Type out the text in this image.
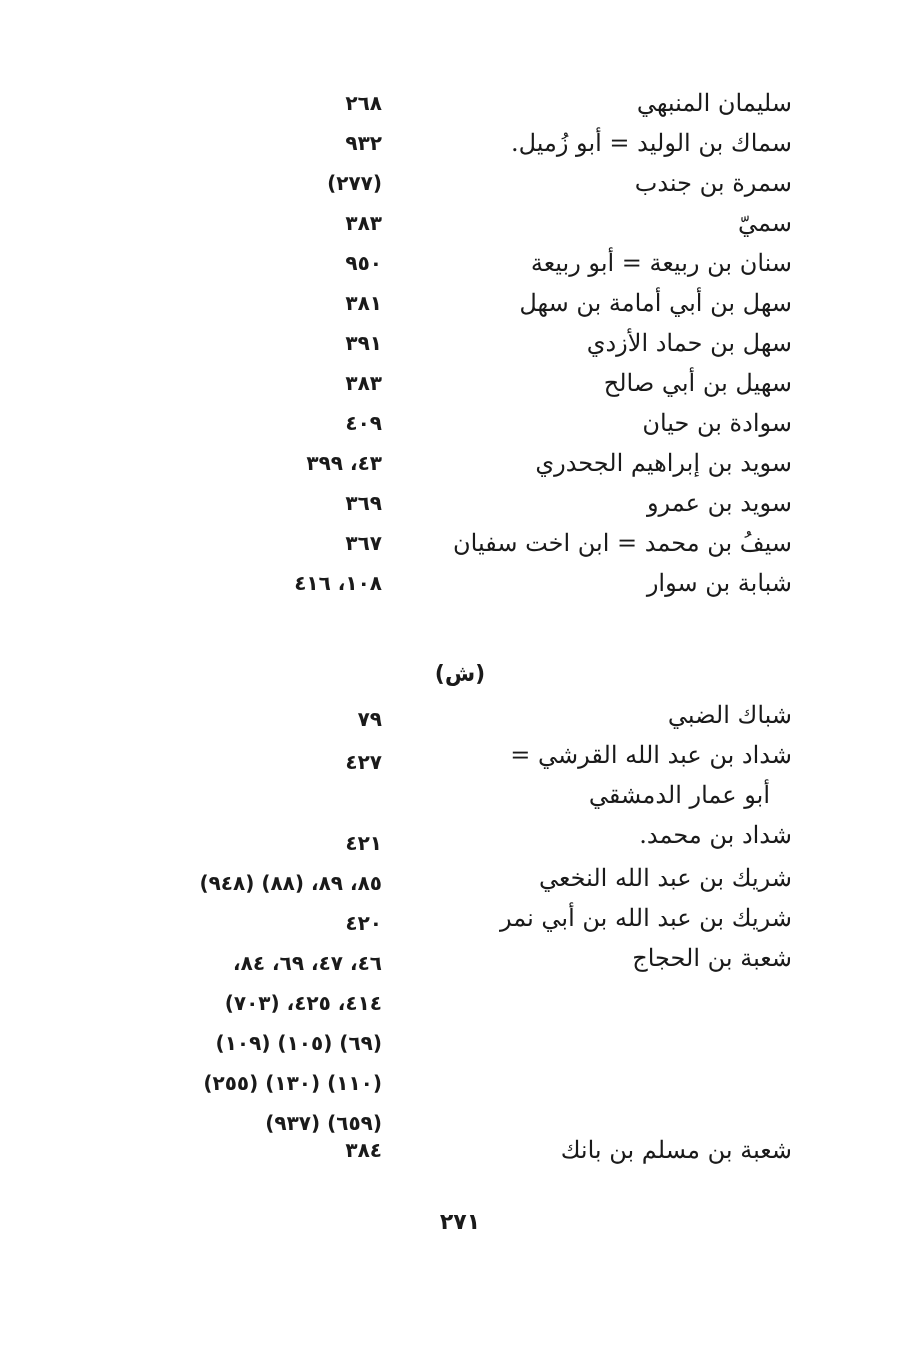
سليمان المنبهي
٢٦٨
سماك بن الوليد = أبو زُميل.
٩٣٢
سمرة بن جندب
(٢٧٧)
سميّ
٣٨٣
سنان بن ربيعة = أبو ربيعة
٩٥٠
سهل بن أبي أمامة بن سهل
٣٨١
سهل بن حماد الأزدي
٣٩١
سهيل بن أبي صالح
٣٨٣
سوادة بن حيان
٤٠٩
سويد بن إبراهيم الجحدري
٤٣، ٣٩٩
سويد بن عمرو
٣٦٩
سيفُ بن محمد = ابن اخت سفيان
٣٦٧
شبابة بن سوار
١٠٨، ٤١٦
(ش)
شباك الضبي
٧٩
شداد بن عبد الله القرشي =
٤٢٧
أبو عمار الدمشقي
شداد بن محمد.
٤٢١
شريك بن عبد الله النخعي
٨٥، ٨٩، (٨٨) (٩٤٨)
شريك بن عبد الله بن أبي نمر
٤٢٠
شعبة بن الحجاج
٤٦، ٤٧، ٦٩، ٨٤،
٤١٤، ٤٢٥، (٧٠٣)
(٦٩) (١٠٥) (١٠٩)
(١١٠) (١٣٠) (٢٥٥)
(٦٥٩) (٩٣٧)
شعبة بن مسلم بن بانك
٣٨٤
٢٧١
